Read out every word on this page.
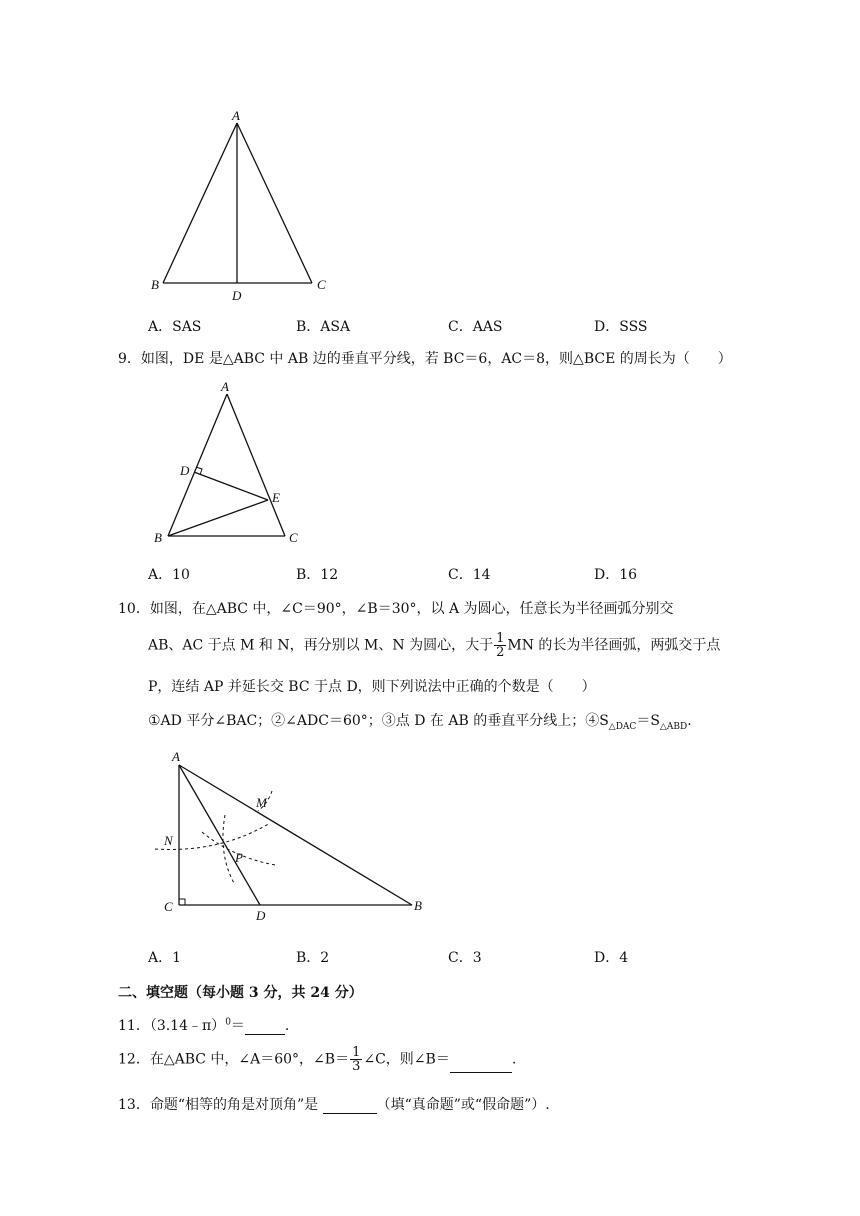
A
B	C
D
A．SAS	B．ASA	C．AAS	D．SSS
9．如图，DE 是△ABC 中 AB 边的垂直平分线，若 BC＝6，AC＝8，则△BCE 的周长为（　　）
A
B	C
D
E
A．10	B．12	C．14	D．16
10．如图，在△ABC 中，∠C＝90°，∠B＝30°，以 A 为圆心，任意长为半径画弧分别交
AB、AC 于点 M 和 N，再分别以 M、N 为圆心，大于 $\frac{1}{2}$ MN 的长为半径画弧，两弧交于点
P，连结 AP 并延长交 BC 于点 D，则下列说法中正确的个数是（　　）
①AD 平分∠BAC；②∠ADC＝60°；③点 D 在 AB 的垂直平分线上；$④S_{\triangle DAC}=S_{\triangle ABD}$.
A
C
D
B
M
N
P
A．1	B．2	C．3	D．4
二、填空题（每小题 3 分，共 24 分）
11．（3.14﹣π）$^0$＝	.
12．在△ABC 中，∠A＝60°，∠B＝ $\frac{1}{3}$ ∠C，则∠B＝	.
13．命题“相等的角是对顶角”是	（填“真命题”或“假命题”）.
